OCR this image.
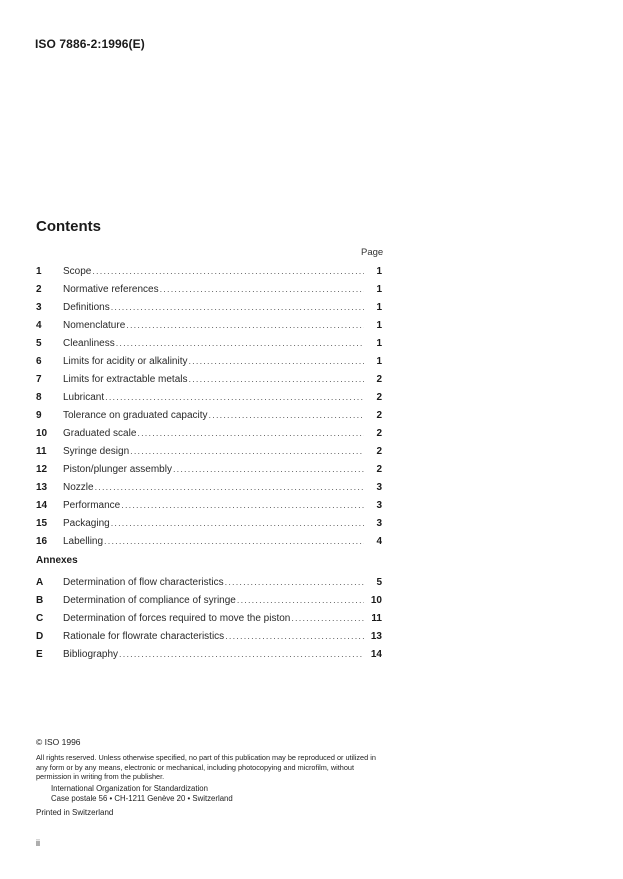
ISO 7886-2:1996(E)
Contents
Page
1	Scope .....	1
2	Normative references .....	1
3	Definitions .....	1
4	Nomenclature .....	1
5	Cleanliness .....	1
6	Limits for acidity or alkalinity .....	1
7	Limits for extractable metals .....	2
8	Lubricant .....	2
9	Tolerance on graduated capacity .....	2
10	Graduated scale .....	2
11	Syringe design .....	2
12	Piston/plunger assembly .....	2
13	Nozzle .....	3
14	Performance .....	3
15	Packaging .....	3
16	Labelling .....	4
Annexes
A	Determination of flow characteristics .....	5
B	Determination of compliance of syringe .....	10
C	Determination of forces required to move the piston .....	11
D	Rationale for flowrate characteristics .....	13
E	Bibliography .....	14
© ISO 1996
All rights reserved. Unless otherwise specified, no part of this publication may be reproduced or utilized in any form or by any means, electronic or mechanical, including photocopying and microfilm, without permission in writing from the publisher.
International Organization for Standardization
Case postale 56 • CH-1211 Genève 20 • Switzerland
Printed in Switzerland
ii
